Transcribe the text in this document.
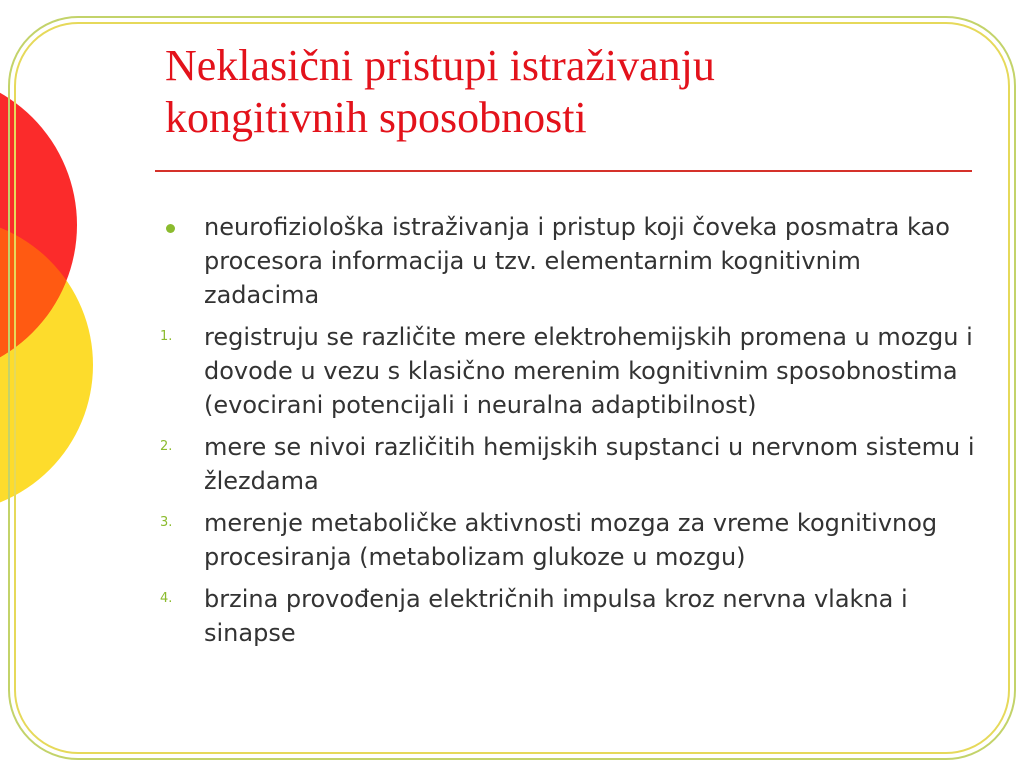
Neklasični pristupi istraživanju
kongitivnih sposobnosti
neurofiziološka istraživanja i pristup koji čoveka posmatra kao procesora informacija u tzv. elementarnim kognitivnim zadacima
1.	registruju se različite mere elektrohemijskih promena u mozgu i dovode u vezu s klasično merenim kognitivnim sposobnostima (evocirani potencijali i neuralna adaptibilnost)
2.	mere se nivoi različitih hemijskih supstanci u nervnom sistemu i žlezdama
3.	merenje metaboličke aktivnosti mozga za vreme kognitivnog procesiranja (metabolizam glukoze u mozgu)
4.	brzina provođenja električnih impulsa kroz nervna vlakna i sinapse
